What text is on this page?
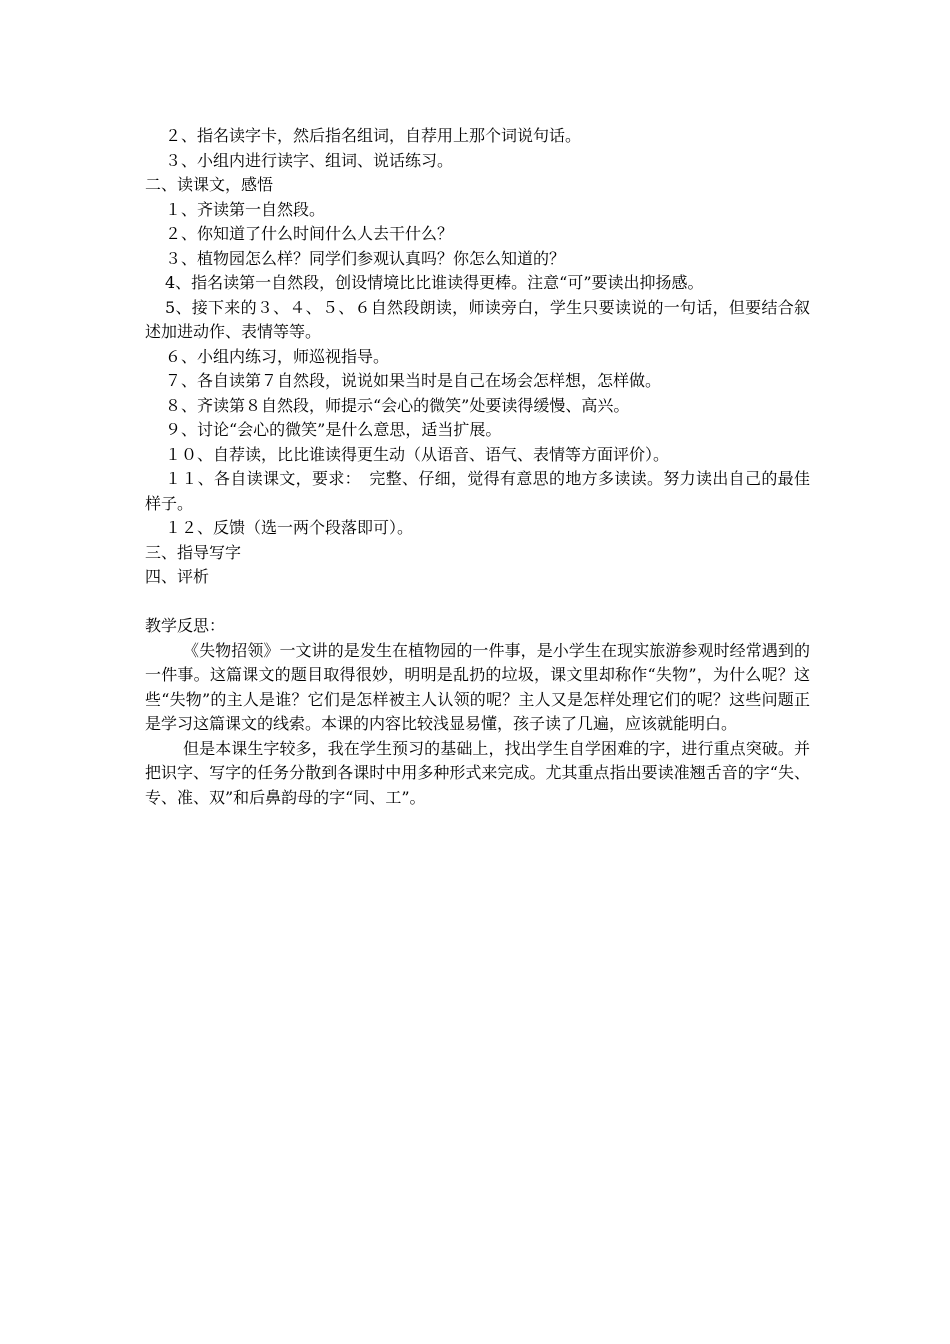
２、指名读字卡，然后指名组词，自荐用上那个词说句话。

３、小组内进行读字、组词、说话练习。

二、读课文，感悟

１、齐读第一自然段。

２、你知道了什么时间什么人去干什么？

３、植物园怎么样？同学们参观认真吗？你怎么知道的？

4、指名读第一自然段，创设情境比比谁读得更棒。注意“可”要读出抑扬感。

5、接下来的３、４、５、６自然段朗读，师读旁白，学生只要读说的一句话，但要结合叙述加进动作、表情等等。

６、小组内练习，师巡视指导。

７、各自读第７自然段，说说如果当时是自己在场会怎样想，怎样做。

８、齐读第８自然段，师提示“会心的微笑”处要读得缓慢、高兴。

９、讨论“会心的微笑”是什么意思，适当扩展。

１０、自荐读，比比谁读得更生动（从语音、语气、表情等方面评价）。

１１、各自读课文，要求：　完整、仔细，觉得有意思的地方多读读。努力读出自己的最佳样子。

１２、反馈（选一两个段落即可）。

三、指导写字

四、评析

教学反思：

《失物招领》一文讲的是发生在植物园的一件事，是小学生在现实旅游参观时经常遇到的一件事。这篇课文的题目取得很妙，明明是乱扔的垃圾，课文里却称作“失物”，为什么呢？这些“失物”的主人是谁？它们是怎样被主人认领的呢？主人又是怎样处理它们的呢？这些问题正是学习这篇课文的线索。本课的内容比较浅显易懂，孩子读了几遍，应该就能明白。

但是本课生字较多，我在学生预习的基础上，找出学生自学困难的字，进行重点突破。并把识字、写字的任务分散到各课时中用多种形式来完成。尤其重点指出要读准翘舌音的字“失、专、准、双”和后鼻韵母的字“同、工”。
